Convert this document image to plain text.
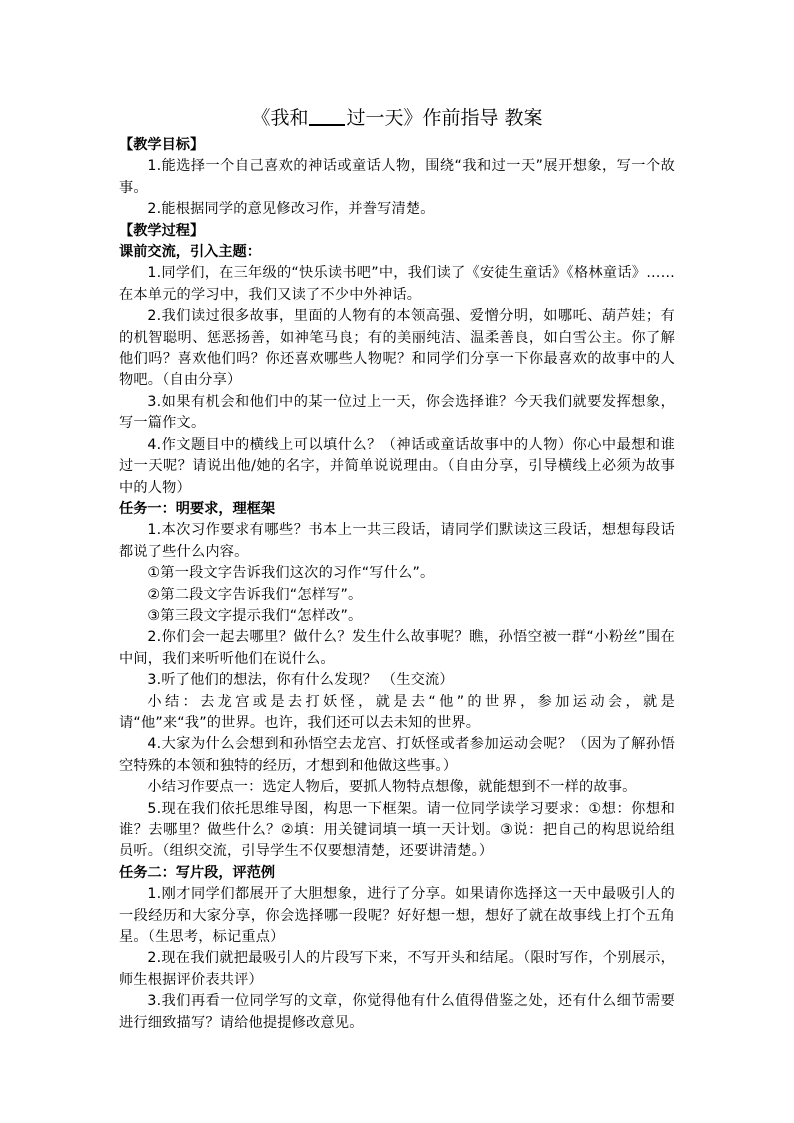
《我和 过一天》作前指导 教案

【教学目标】

1.能选择一个自己喜欢的神话或童话人物，围绕“我和过一天”展开想象，写一个故事。

2.能根据同学的意见修改习作，并誊写清楚。

【教学过程】

课前交流，引入主题：

1.同学们，在三年级的“快乐读书吧”中，我们读了《安徒生童话》《格林童话》……在本单元的学习中，我们又读了不少中外神话。

2.我们读过很多故事，里面的人物有的本领高强、爱憎分明，如哪吒、葫芦娃；有的机智聪明、惩恶扬善，如神笔马良；有的美丽纯洁、温柔善良，如白雪公主。你了解他们吗？喜欢他们吗？你还喜欢哪些人物呢？和同学们分享一下你最喜欢的故事中的人物吧。（自由分享）

3.如果有机会和他们中的某一位过上一天，你会选择谁？今天我们就要发挥想象，写一篇作文。

4.作文题目中的横线上可以填什么？（神话或童话故事中的人物）你心中最想和谁过一天呢？请说出他/她的名字，并简单说说理由。（自由分享，引导横线上必须为故事中的人物）

任务一：明要求，理框架

1.本次习作要求有哪些？书本上一共三段话，请同学们默读这三段话，想想每段话都说了些什么内容。

①第一段文字告诉我们这次的习作“写什么”。

②第二段文字告诉我们“怎样写”。

③第三段文字提示我们“怎样改”。

2.你们会一起去哪里？做什么？发生什么故事呢？瞧，孙悟空被一群“小粉丝”围在中间，我们来听听他们在说什么。

3.听了他们的想法，你有什么发现？ （生交流）

小结：去龙宫或是去打妖怪，就是去“他”的世界，参加运动会，就是请“他”来“我”的世界。也许，我们还可以去未知的世界。

4.大家为什么会想到和孙悟空去龙宫、打妖怪或者参加运动会呢？（因为了解孙悟空特殊的本领和独特的经历，才想到和他做这些事。）

小结习作要点一：选定人物后，要抓人物特点想像，就能想到不一样的故事。

5.现在我们依托思维导图，构思一下框架。请一位同学读学习要求：①想：你想和谁？去哪里？做些什么？②填：用关键词填一填一天计划。③说：把自己的构思说给组员听。（组织交流，引导学生不仅要想清楚，还要讲清楚。）

任务二：写片段，评范例

1.刚才同学们都展开了大胆想象，进行了分享。如果请你选择这一天中最吸引人的一段经历和大家分享，你会选择哪一段呢？好好想一想，想好了就在故事线上打个五角星。（生思考，标记重点）

2.现在我们就把最吸引人的片段写下来，不写开头和结尾。（限时写作，个别展示，师生根据评价表共评）

3.我们再看一位同学写的文章，你觉得他有什么值得借鉴之处，还有什么细节需要进行细致描写？请给他提提修改意见。
